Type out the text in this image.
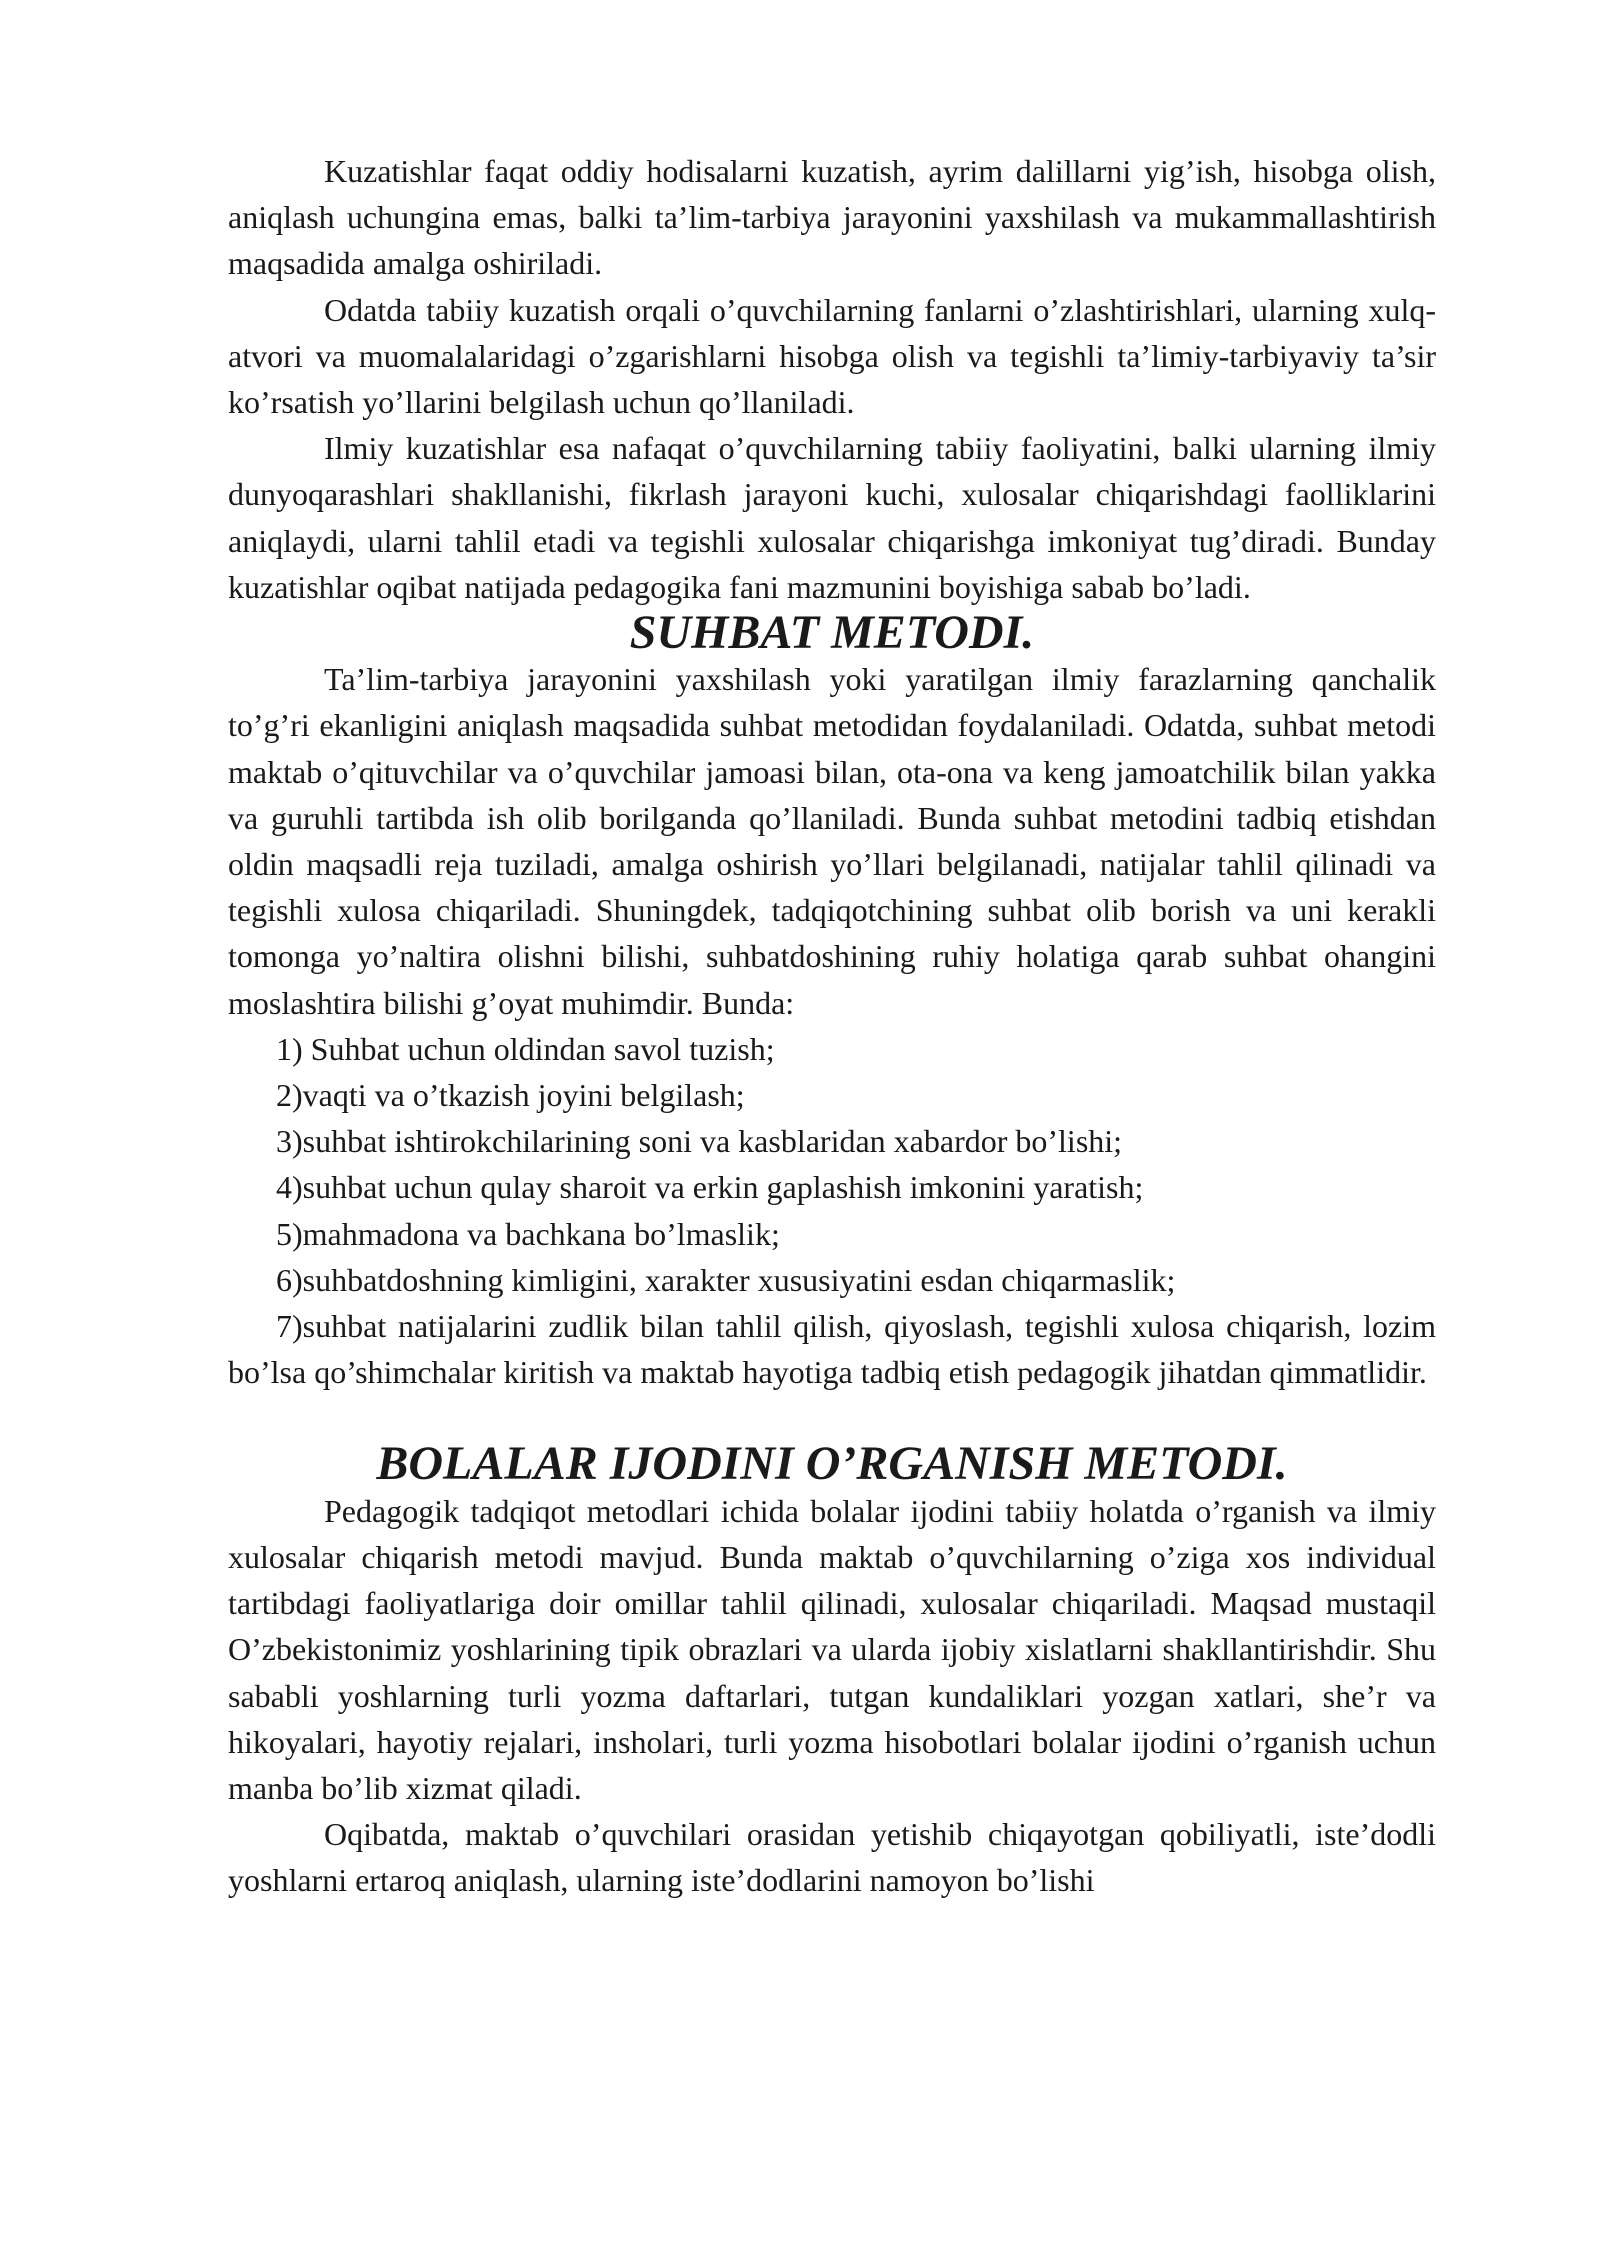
Kuzatishlar faqat oddiy hodisalarni kuzatish, ayrim dalillarni yig’ish, hisobga olish, aniqlash uchungina emas, balki ta’lim-tarbiya jarayonini yaxshilash va mukammallashtirish maqsadida amalga oshiriladi.

Odatda tabiiy kuzatish orqali o’quvchilarning fanlarni o’zlashtirishlari, ularning xulq-atvori va muomalalaridagi o’zgarishlarni hisobga olish va tegishli ta’limiy-tarbiyaviy ta’sir ko’rsatish yo’llarini belgilash uchun qo’llaniladi.

Ilmiy kuzatishlar esa nafaqat o’quvchilarning tabiiy faoliyatini, balki ularning ilmiy dunyoqarashlari shakllanishi, fikrlash jarayoni kuchi, xulosalar chiqarishdagi faolliklarini aniqlaydi, ularni tahlil etadi va tegishli xulosalar chiqarishga imkoniyat tug’diradi. Bunday kuzatishlar oqibat natijada pedagogika fani mazmunini boyishiga sabab bo’ladi.

SUHBAT METODI.

Ta’lim-tarbiya jarayonini yaxshilash yoki yaratilgan ilmiy farazlarning qanchalik to’g’ri ekanligini aniqlash maqsadida suhbat metodidan foydalaniladi. Odatda, suhbat metodi maktab o’qituvchilar va o’quvchilar jamoasi bilan, ota-ona va keng jamoatchilik bilan yakka va guruhli tartibda ish olib borilganda qo’llaniladi. Bunda suhbat metodini tadbiq etishdan oldin maqsadli reja tuziladi, amalga oshirish yo’llari belgilanadi, natijalar tahlil qilinadi va tegishli xulosa chiqariladi. Shuningdek, tadqiqotchining suhbat olib borish va uni kerakli tomonga yo’naltira olishni bilishi, suhbatdoshining ruhiy holatiga qarab suhbat ohangini moslashtira bilishi g’oyat muhimdir. Bunda:

1) Suhbat uchun oldindan savol tuzish;

2)vaqti va o’tkazish joyini belgilash;

3)suhbat ishtirokchilarining soni va kasblaridan xabardor bo’lishi;

4)suhbat uchun qulay sharoit va erkin gaplashish imkonini yaratish;

5)mahmadona va bachkana bo’lmaslik;

6)suhbatdoshning kimligini, xarakter xususiyatini esdan chiqarmaslik;

7)suhbat natijalarini zudlik bilan tahlil qilish, qiyoslash, tegishli xulosa chiqarish, lozim bo’lsa qo’shimchalar kiritish va maktab hayotiga tadbiq etish pedagogik jihatdan qimmatlidir.

BOLALAR IJODINI O’RGANISH METODI.

Pedagogik tadqiqot metodlari ichida bolalar ijodini tabiiy holatda o’rganish va ilmiy xulosalar chiqarish metodi mavjud. Bunda maktab o’quvchilarning o’ziga xos individual tartibdagi faoliyatlariga doir omillar tahlil qilinadi, xulosalar chiqariladi. Maqsad mustaqil O’zbekistonimiz yoshlarining tipik obrazlari va ularda ijobiy xislatlarni shakllantirishdir. Shu sababli yoshlarning turli yozma daftarlari, tutgan kundaliklari yozgan xatlari, she’r va hikoyalari, hayotiy rejalari, insholari, turli yozma hisobotlari bolalar ijodini o’rganish uchun manba bo’lib xizmat qiladi.

Oqibatda, maktab o’quvchilari orasidan yetishib chiqayotgan qobiliyatli, iste’dodli yoshlarni ertaroq aniqlash, ularning iste’dodlarini namoyon bo’lishi
